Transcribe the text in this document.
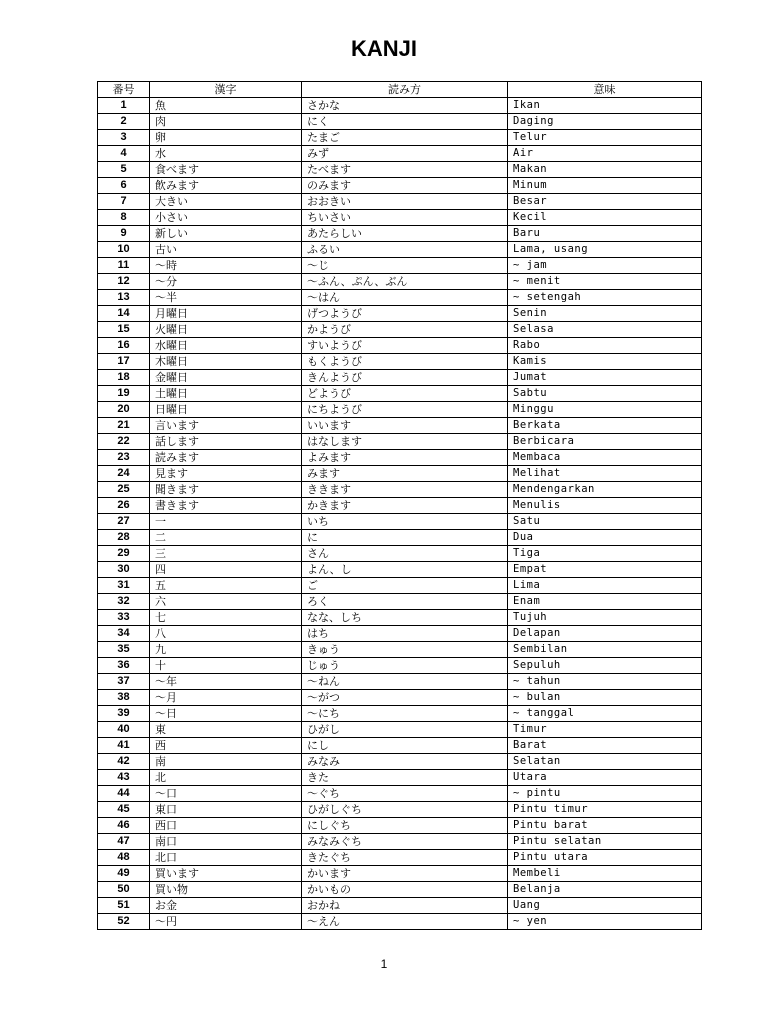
KANJI
番号	漢字	読み方	意味
1	魚	さかな	Ikan
2	肉	にく	Daging
3	卵	たまご	Telur
4	水	みず	Air
5	食べます	たべます	Makan
6	飲みます	のみます	Minum
7	大きい	おおきい	Besar
8	小さい	ちいさい	Kecil
9	新しい	あたらしい	Baru
10	古い	ふるい	Lama, usang
11	～時	～じ	~ jam
12	～分	～ふん、ぷん、ぶん	~ menit
13	～半	～はん	~ setengah
14	月曜日	げつようび	Senin
15	火曜日	かようび	Selasa
16	水曜日	すいようび	Rabo
17	木曜日	もくようび	Kamis
18	金曜日	きんようび	Jumat
19	土曜日	どようび	Sabtu
20	日曜日	にちようび	Minggu
21	言います	いいます	Berkata
22	話します	はなします	Berbicara
23	読みます	よみます	Membaca
24	見ます	みます	Melihat
25	聞きます	ききます	Mendengarkan
26	書きます	かきます	Menulis
27	一	いち	Satu
28	二	に	Dua
29	三	さん	Tiga
30	四	よん、し	Empat
31	五	ご	Lima
32	六	ろく	Enam
33	七	なな、しち	Tujuh
34	八	はち	Delapan
35	九	きゅう	Sembilan
36	十	じゅう	Sepuluh
37	～年	～ねん	~ tahun
38	～月	～がつ	~ bulan
39	～日	～にち	~ tanggal
40	東	ひがし	Timur
41	西	にし	Barat
42	南	みなみ	Selatan
43	北	きた	Utara
44	～口	～ぐち	~ pintu
45	東口	ひがしぐち	Pintu timur
46	西口	にしぐち	Pintu barat
47	南口	みなみぐち	Pintu selatan
48	北口	きたぐち	Pintu utara
49	買います	かいます	Membeli
50	買い物	かいもの	Belanja
51	お金	おかね	Uang
52	～円	～えん	~ yen
1
